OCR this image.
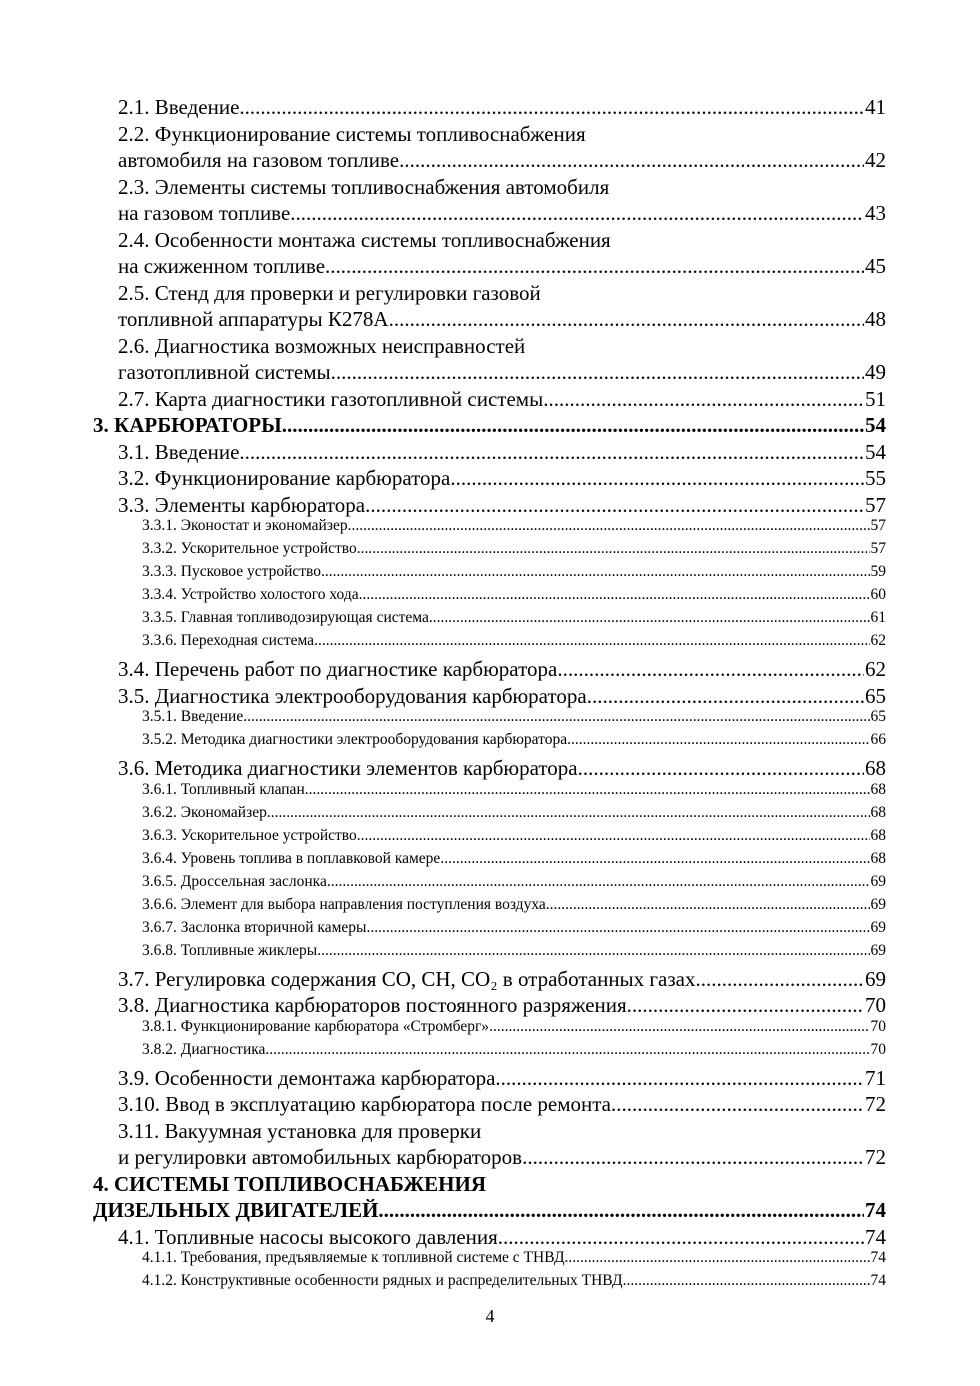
2.1. Введение .....	41
2.2. Функционирование системы топливоснабжения
автомобиля на газовом топливе .....	42
2.3. Элементы системы топливоснабжения автомобиля
на газовом топливе .....	43
2.4. Особенности монтажа системы топливоснабжения
на сжиженном топливе .....	45
2.5. Стенд для проверки и регулировки газовой
топливной аппаратуры К278А .....	48
2.6. Диагностика возможных неисправностей
газотопливной системы .....	49
2.7. Карта диагностики газотопливной системы .....	51
3. КАРБЮРАТОРЫ .....	54
3.1. Введение .....	54
3.2. Функционирование карбюратора .....	55
3.3. Элементы карбюратора .....	57
3.3.1. Эконостат и экономайзер .....	57
3.3.2. Ускорительное устройство .....	57
3.3.3. Пусковое устройство .....	59
3.3.4. Устройство холостого хода .....	60
3.3.5. Главная топливодозирующая система .....	61
3.3.6. Переходная система .....	62
3.4. Перечень работ по диагностике карбюратора .....	62
3.5. Диагностика электрооборудования карбюратора .....	65
3.5.1. Введение .....	65
3.5.2. Методика диагностики электрооборудования карбюратора .....	66
3.6. Методика диагностики элементов карбюратора .....	68
3.6.1. Топливный клапан .....	68
3.6.2. Экономайзер .....	68
3.6.3. Ускорительное устройство .....	68
3.6.4. Уровень топлива в поплавковой камере .....	68
3.6.5. Дроссельная заслонка .....	69
3.6.6. Элемент для выбора направления поступления воздуха .....	69
3.6.7. Заслонка вторичной камеры .....	69
3.6.8. Топливные жиклеры .....	69
3.7. Регулировка содержания CO, CH, CO₂ в отработанных газах .....	69
3.8. Диагностика карбюраторов постоянного разряжения .....	70
3.8.1. Функционирование карбюратора «Стромберг» .....	70
3.8.2. Диагностика .....	70
3.9. Особенности демонтажа карбюратора .....	71
3.10. Ввод в эксплуатацию карбюратора после ремонта .....	72
3.11. Вакуумная установка для проверки
и регулировки автомобильных карбюраторов .....	72
4. СИСТЕМЫ ТОПЛИВОСНАБЖЕНИЯ
ДИЗЕЛЬНЫХ ДВИГАТЕЛЕЙ .....	74
4.1. Топливные насосы высокого давления .....	74
4.1.1. Требования, предъявляемые к топливной системе с ТНВД .....	74
4.1.2. Конструктивные особенности рядных и распределительных ТНВД .....	74
4
